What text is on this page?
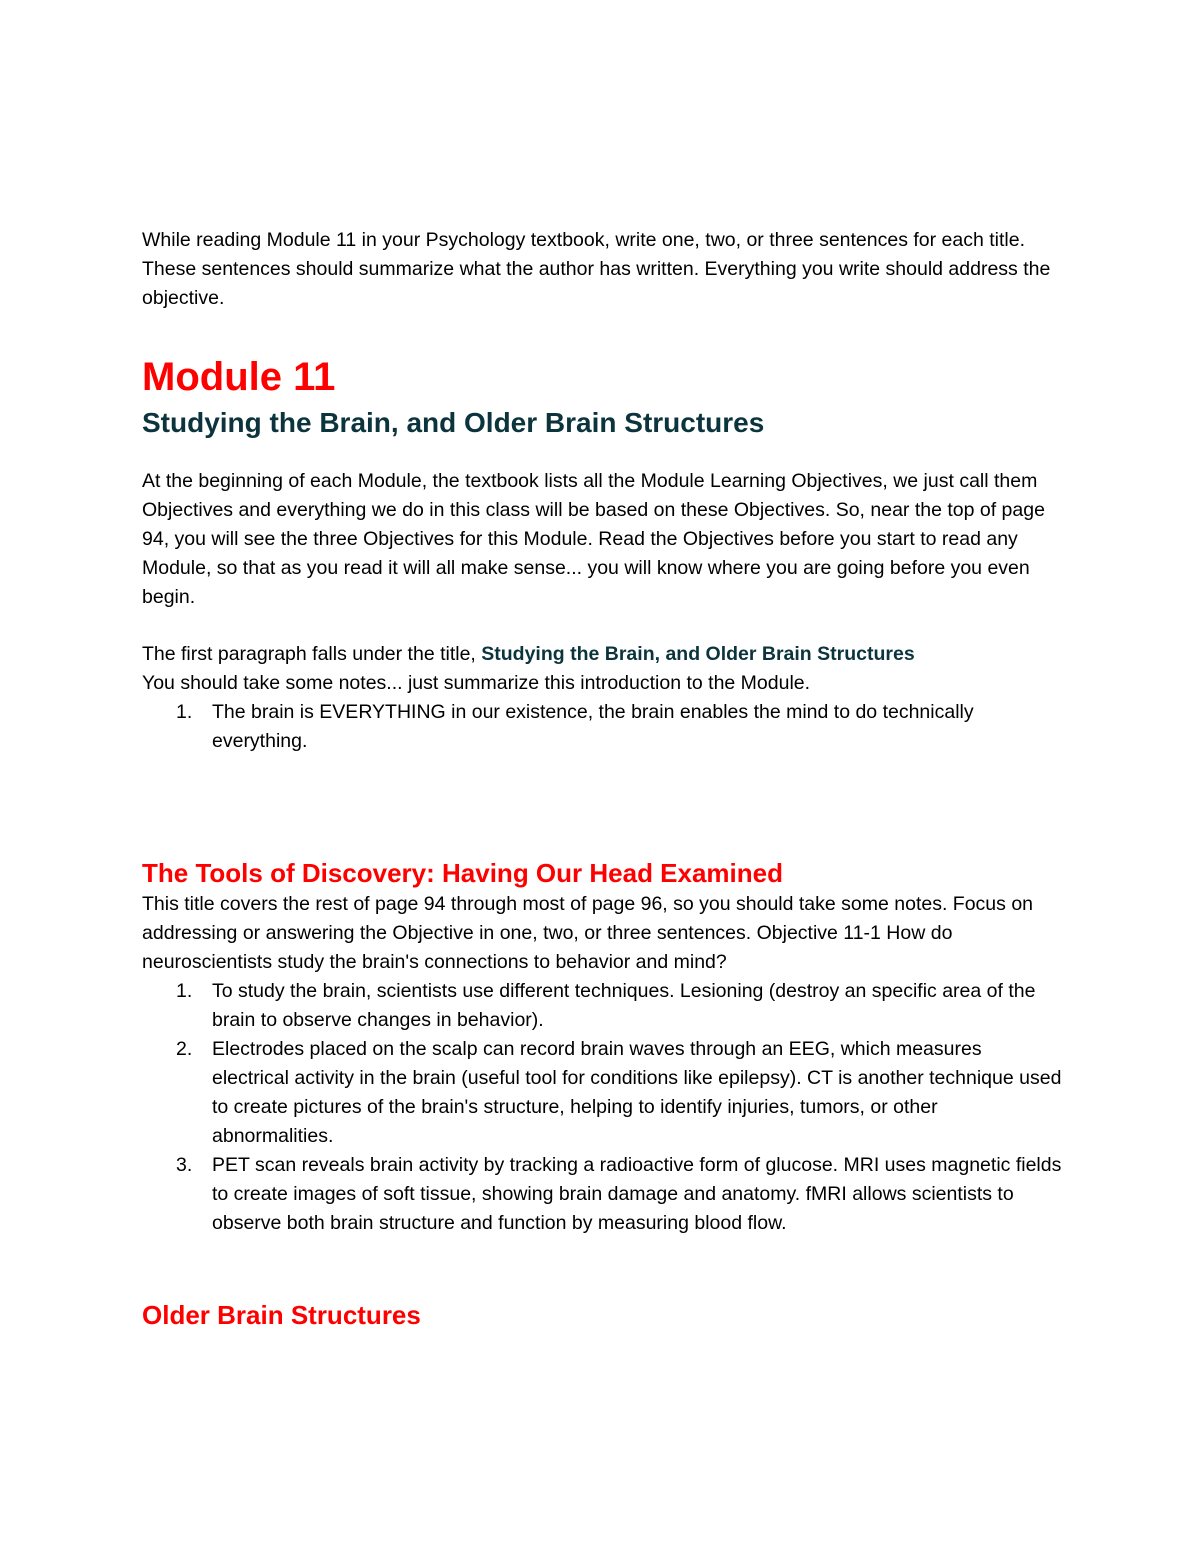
While reading Module 11 in your Psychology textbook, write one, two, or three sentences for each title. These sentences should summarize what the author has written. Everything you write should address the objective.

Module 11
Studying the Brain, and Older Brain Structures

At the beginning of each Module, the textbook lists all the Module Learning Objectives, we just call them Objectives and everything we do in this class will be based on these Objectives. So, near the top of page 94, you will see the three Objectives for this Module. Read the Objectives before you start to read any Module, so that as you read it will all make sense... you will know where you are going before you even begin.

The first paragraph falls under the title, Studying the Brain, and Older Brain Structures

You should take some notes... just summarize this introduction to the Module.

1. The brain is EVERYTHING in our existence, the brain enables the mind to do technically everything.
The Tools of Discovery: Having Our Head Examined

This title covers the rest of page 94 through most of page 96, so you should take some notes. Focus on addressing or answering the Objective in one, two, or three sentences. Objective 11-1 How do neuroscientists study the brain's connections to behavior and mind?

1. To study the brain, scientists use different techniques. Lesioning (destroy an specific area of the brain to observe changes in behavior).
2. Electrodes placed on the scalp can record brain waves through an EEG, which measures electrical activity in the brain (useful tool for conditions like epilepsy). CT is another technique used to create pictures of the brain's structure, helping to identify injuries, tumors, or other abnormalities.
3. PET scan reveals brain activity by tracking a radioactive form of glucose. MRI uses magnetic fields to create images of soft tissue, showing brain damage and anatomy. fMRI allows scientists to observe both brain structure and function by measuring blood flow.
Older Brain Structures
